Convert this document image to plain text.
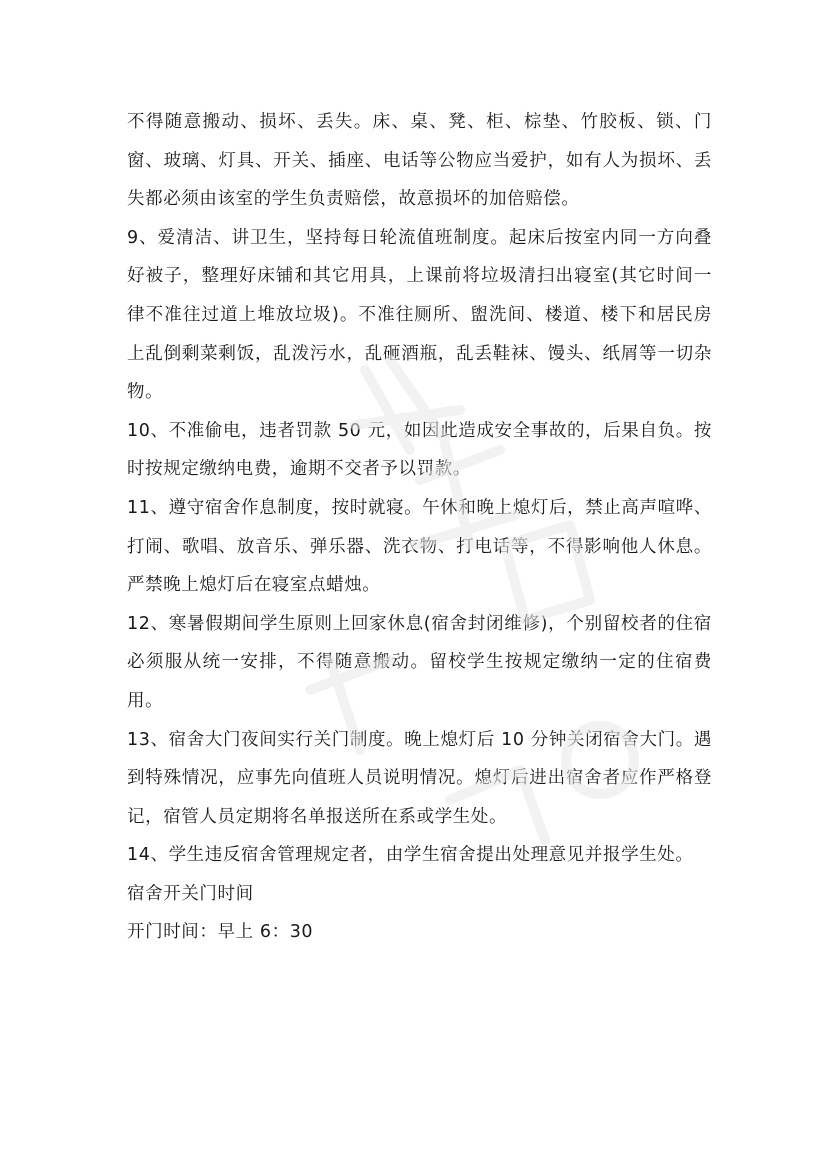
不得随意搬动、损坏、丢失。床、桌、凳、柜、棕垫、竹胶板、锁、门窗、玻璃、灯具、开关、插座、电话等公物应当爱护，如有人为损坏、丢失都必须由该室的学生负责赔偿，故意损坏的加倍赔偿。

9、爱清洁、讲卫生，坚持每日轮流值班制度。起床后按室内同一方向叠好被子，整理好床铺和其它用具，上课前将垃圾清扫出寝室(其它时间一律不准往过道上堆放垃圾)。不准往厕所、盥洗间、楼道、楼下和居民房上乱倒剩菜剩饭，乱泼污水，乱砸酒瓶，乱丢鞋袜、馒头、纸屑等一切杂物。

10、不准偷电，违者罚款 50 元，如因此造成安全事故的，后果自负。按时按规定缴纳电费，逾期不交者予以罚款。

11、遵守宿舍作息制度，按时就寝。午休和晚上熄灯后，禁止高声喧哗、打闹、歌唱、放音乐、弹乐器、洗衣物、打电话等，不得影响他人休息。严禁晚上熄灯后在寝室点蜡烛。

12、寒暑假期间学生原则上回家休息(宿舍封闭维修)，个别留校者的住宿必须服从统一安排，不得随意搬动。留校学生按规定缴纳一定的住宿费用。

13、宿舍大门夜间实行关门制度。晚上熄灯后 10 分钟关闭宿舍大门。遇到特殊情况，应事先向值班人员说明情况。熄灯后进出宿舍者应作严格登记，宿管人员定期将名单报送所在系或学生处。

14、学生违反宿舍管理规定者，由学生宿舍提出处理意见并报学生处。

宿舍开关门时间

开门时间：早上 6：30
